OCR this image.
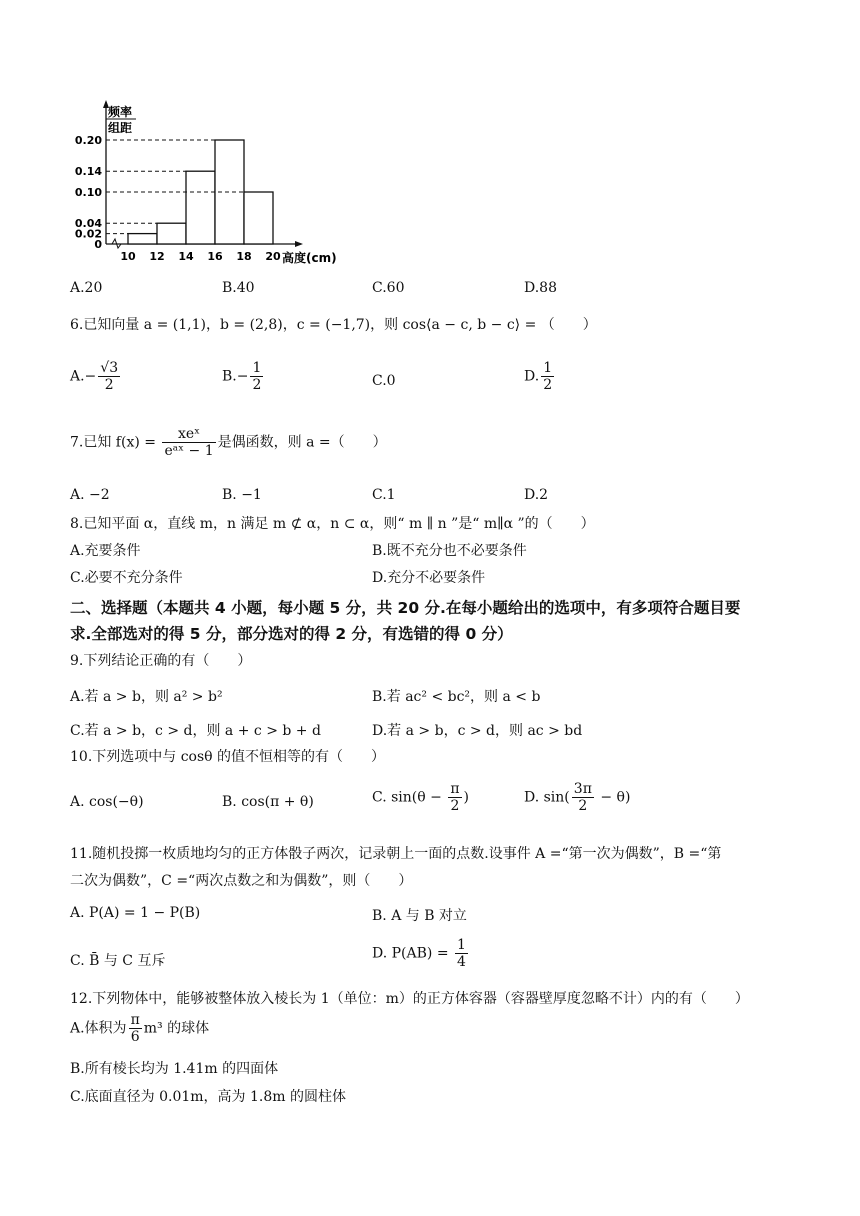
0
0.02
0.04
0.10
0.14
0.20
10 12 14 16 18 20
频率
组距
高度(cm)
A.20	B.40	C.60	D.88
6.已知向量 a = (1,1)，b = (2,8)，c = (−1,7)，则 cos⟨a − c, b − c⟩ = （　　）
$A.- \frac{√3}{2}$	$B.- \frac{1}{2}$	C.0	D. $\frac{1}{2}$
7.已知 $f(x) = \frac{\text{xeˣ}}{\text{eᵃˣ − 1}}$ 是偶函数，则 a =（　　）
A. −2	B. −1	C.1	D.2
8.已知平面 α，直线 m，n 满足 m ⊄ α，n ⊂ α，则“ m ∥ n ”是“ m∥α ”的（　　）
A.充要条件	B.既不充分也不必要条件
C.必要不充分条件	D.充分不必要条件
二、选择题（本题共 4 小题，每小题 5 分，共 20 分.在每小题给出的选项中，有多项符合题目要
求.全部选对的得 5 分，部分选对的得 2 分，有选错的得 0 分）
9.下列结论正确的有（　　）
A.若 a > b，则 a² > b²	B.若 ac² < bc²，则 a < b
C.若 a > b，c > d，则 a + c > b + d	D.若 a > b，c > d，则 ac > bd
10.下列选项中与 cosθ 的值不恒相等的有（　　）
A. cos(−θ)	B. cos(π + θ)	C. $\sin(\theta - \frac{\pi}{2}$ )	D. $\sin( \frac{3\pi}{2} - \theta)$
11.随机投掷一枚质地均匀的正方体骰子两次，记录朝上一面的点数.设事件 A =“第一次为偶数”，B =“第
二次为偶数”，C =“两次点数之和为偶数”，则（　　）
A. P(A) = 1 − P(B)	B. A 与 B 对立
C. B̄ 与 C 互斥	D. $P(AB) = \frac{1}{4}$
12.下列物体中，能够被整体放入棱长为 1（单位：m）的正方体容器（容器壁厚度忽略不计）内的有（　　）
A.体积为 $\frac{\pi}{6} m^3$ 的球体
B.所有棱长均为 1.41m 的四面体
C.底面直径为 0.01m，高为 1.8m 的圆柱体
